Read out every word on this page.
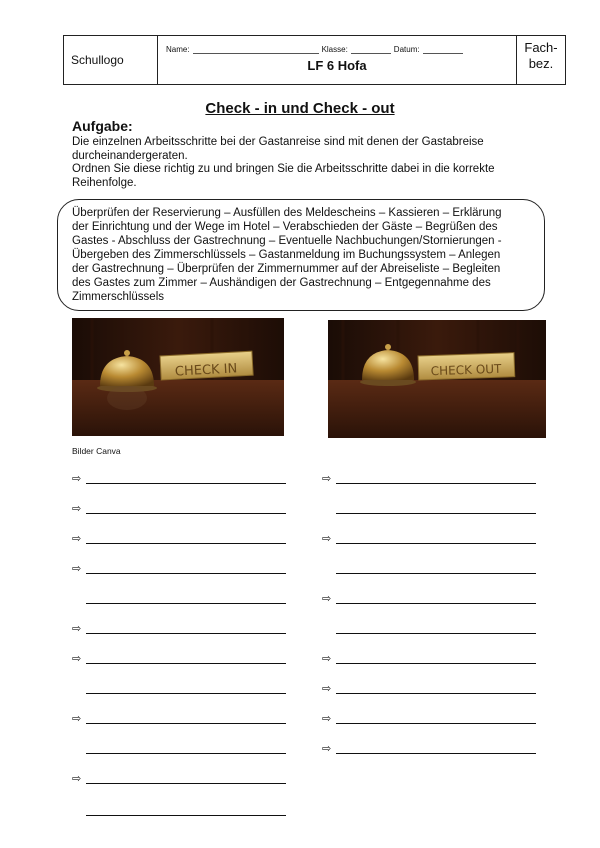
Schullogo
Name:	Klasse:	Datum:
LF 6 Hofa
Fach-
bez.
Check - in und Check - out
Aufgabe:
Die einzelnen Arbeitsschritte bei der Gastanreise sind mit denen der Gastabreise
durcheinandergeraten.
Ordnen Sie diese richtig zu und bringen Sie die Arbeitsschritte dabei in die korrekte
Reihenfolge.
Überprüfen der Reservierung – Ausfüllen des Meldescheins – Kassieren – Erklärung
der Einrichtung und der Wege im Hotel – Verabschieden der Gäste – Begrüßen des
Gastes - Abschluss der Gastrechnung – Eventuelle Nachbuchungen/Stornierungen -
Übergeben des Zimmerschlüssels – Gastanmeldung im Buchungssystem – Anlegen
der Gastrechnung – Überprüfen der Zimmernummer auf der Abreiseliste – Begleiten
des Gastes zum Zimmer – Aushändigen der Gastrechnung – Entgegennahme des
Zimmerschlüssels
CHECK IN	CHECK OUT
Bilder Canva
⇨
⇨
⇨
⇨
⇨
⇨
⇨
⇨
⇨
⇨
⇨
⇨
⇨
⇨
⇨
